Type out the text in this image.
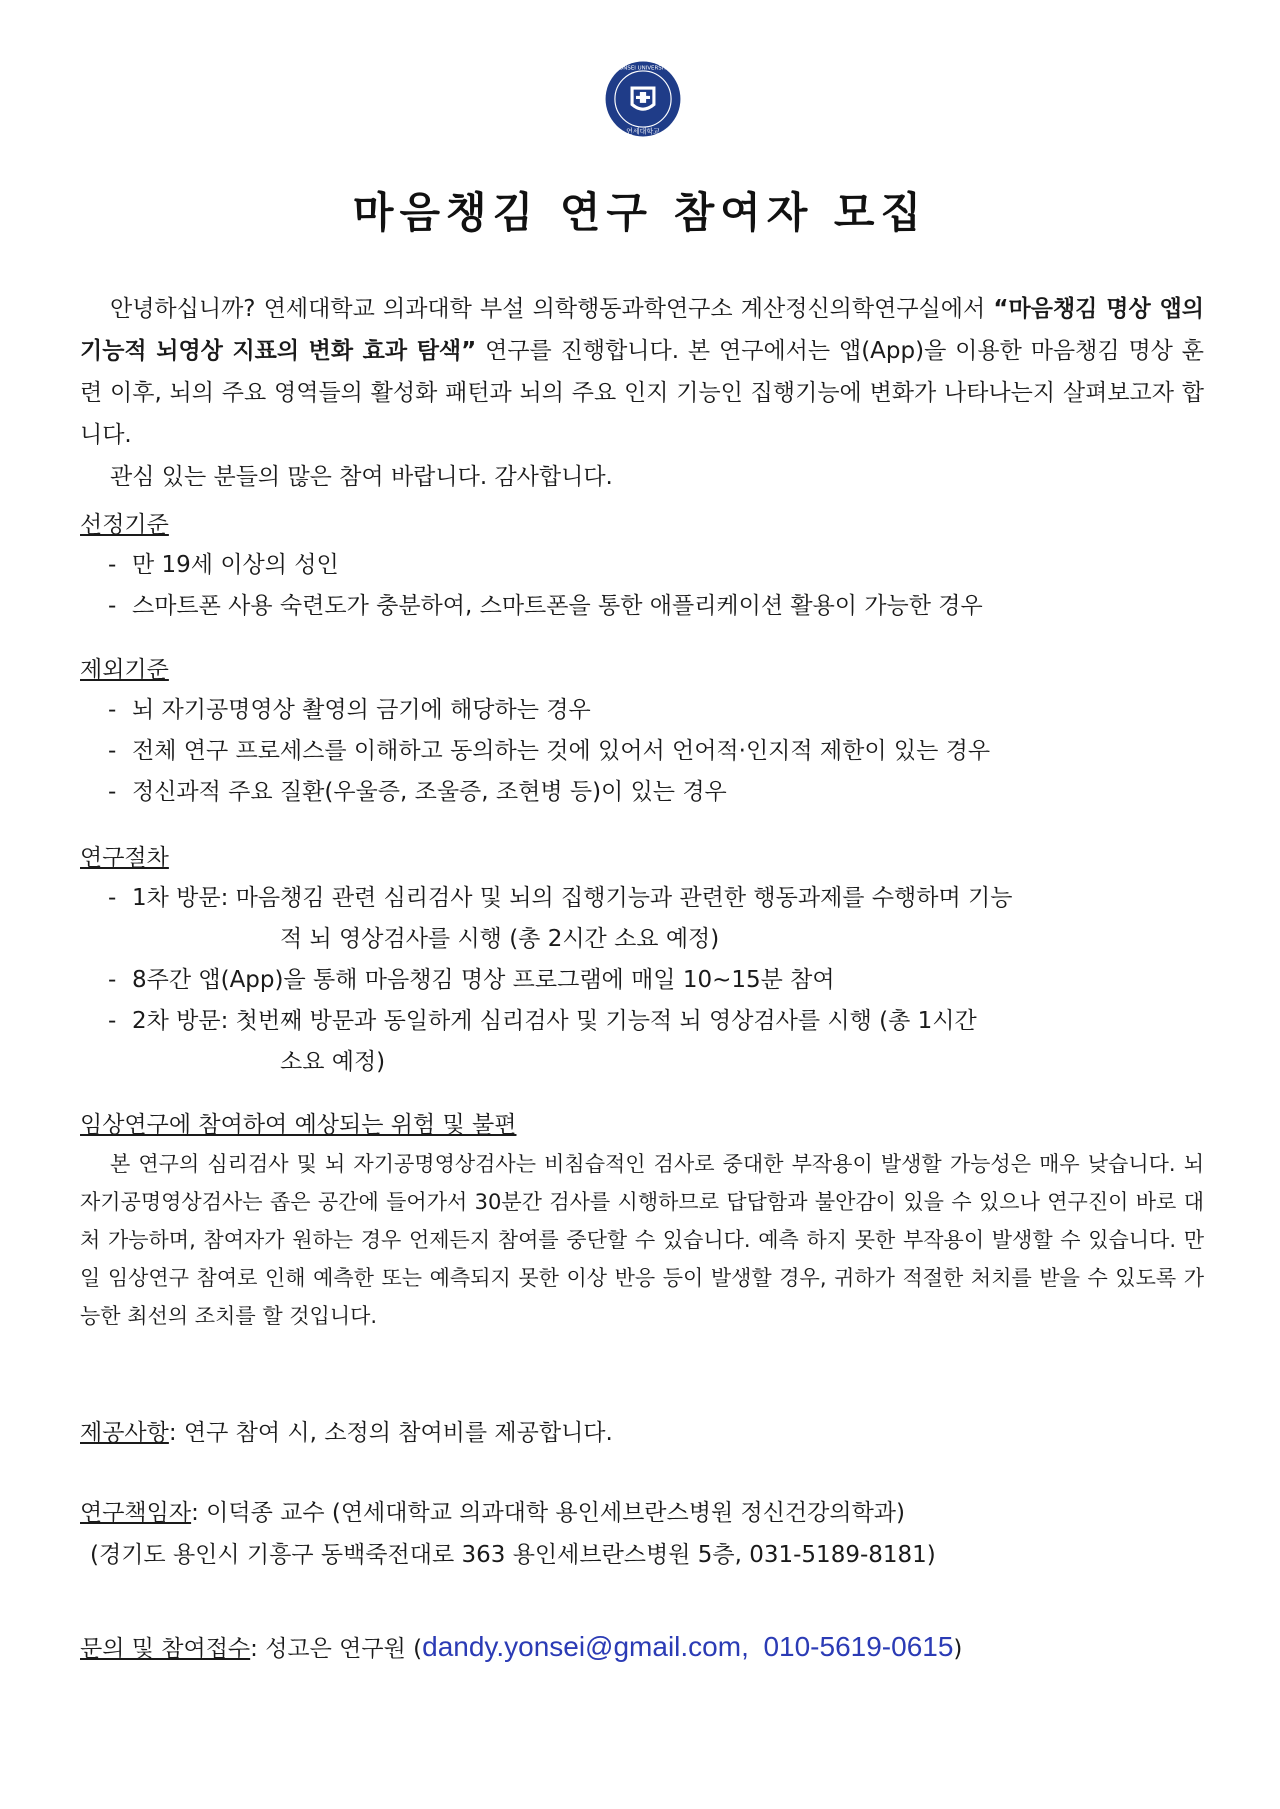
YONSEI UNIVERSITY
연세대학교
마음챙김 연구 참여자 모집

안녕하십니까? 연세대학교 의과대학 부설 의학행동과학연구소 계산정신의학연구실에서 “마음챙김 명상 앱의 기능적 뇌영상 지표의 변화 효과 탐색” 연구를 진행합니다. 본 연구에서는 앱(App)을 이용한 마음챙김 명상 훈련 이후, 뇌의 주요 영역들의 활성화 패턴과 뇌의 주요 인지 기능인 집행기능에 변화가 나타나는지 살펴보고자 합니다.

관심 있는 분들의 많은 참여 바랍니다. 감사합니다.

선정기준
- 만 19세 이상의 성인
- 스마트폰 사용 숙련도가 충분하여, 스마트폰을 통한 애플리케이션 활용이 가능한 경우
제외기준
- 뇌 자기공명영상 촬영의 금기에 해당하는 경우
- 전체 연구 프로세스를 이해하고 동의하는 것에 있어서 언어적·인지적 제한이 있는 경우
- 정신과적 주요 질환(우울증, 조울증, 조현병 등)이 있는 경우
연구절차
- 1차 방문: 마음챙김 관련 심리검사 및 뇌의 집행기능과 관련한 행동과제를 수행하며 기능
적 뇌 영상검사를 시행 (총 2시간 소요 예정)
- 8주간 앱(App)을 통해 마음챙김 명상 프로그램에 매일 10~15분 참여
- 2차 방문: 첫번째 방문과 동일하게 심리검사 및 기능적 뇌 영상검사를 시행 (총 1시간
소요 예정)
임상연구에 참여하여 예상되는 위험 및 불편

본 연구의 심리검사 및 뇌 자기공명영상검사는 비침습적인 검사로 중대한 부작용이 발생할 가능성은 매우 낮습니다. 뇌 자기공명영상검사는 좁은 공간에 들어가서 30분간 검사를 시행하므로 답답함과 불안감이 있을 수 있으나 연구진이 바로 대처 가능하며, 참여자가 원하는 경우 언제든지 참여를 중단할 수 있습니다. 예측 하지 못한 부작용이 발생할 수 있습니다. 만일 임상연구 참여로 인해 예측한 또는 예측되지 못한 이상 반응 등이 발생할 경우, 귀하가 적절한 처치를 받을 수 있도록 가능한 최선의 조치를 할 것입니다.

제공사항: 연구 참여 시, 소정의 참여비를 제공합니다.
연구책임자: 이덕종 교수 (연세대학교 의과대학 용인세브란스병원 정신건강의학과)
(경기도 용인시 기흥구 동백죽전대로 363 용인세브란스병원 5층, 031-5189-8181)
문의 및 참여접수: 성고은 연구원 (dandy.yonsei@gmail.com, 010-5619-0615)
